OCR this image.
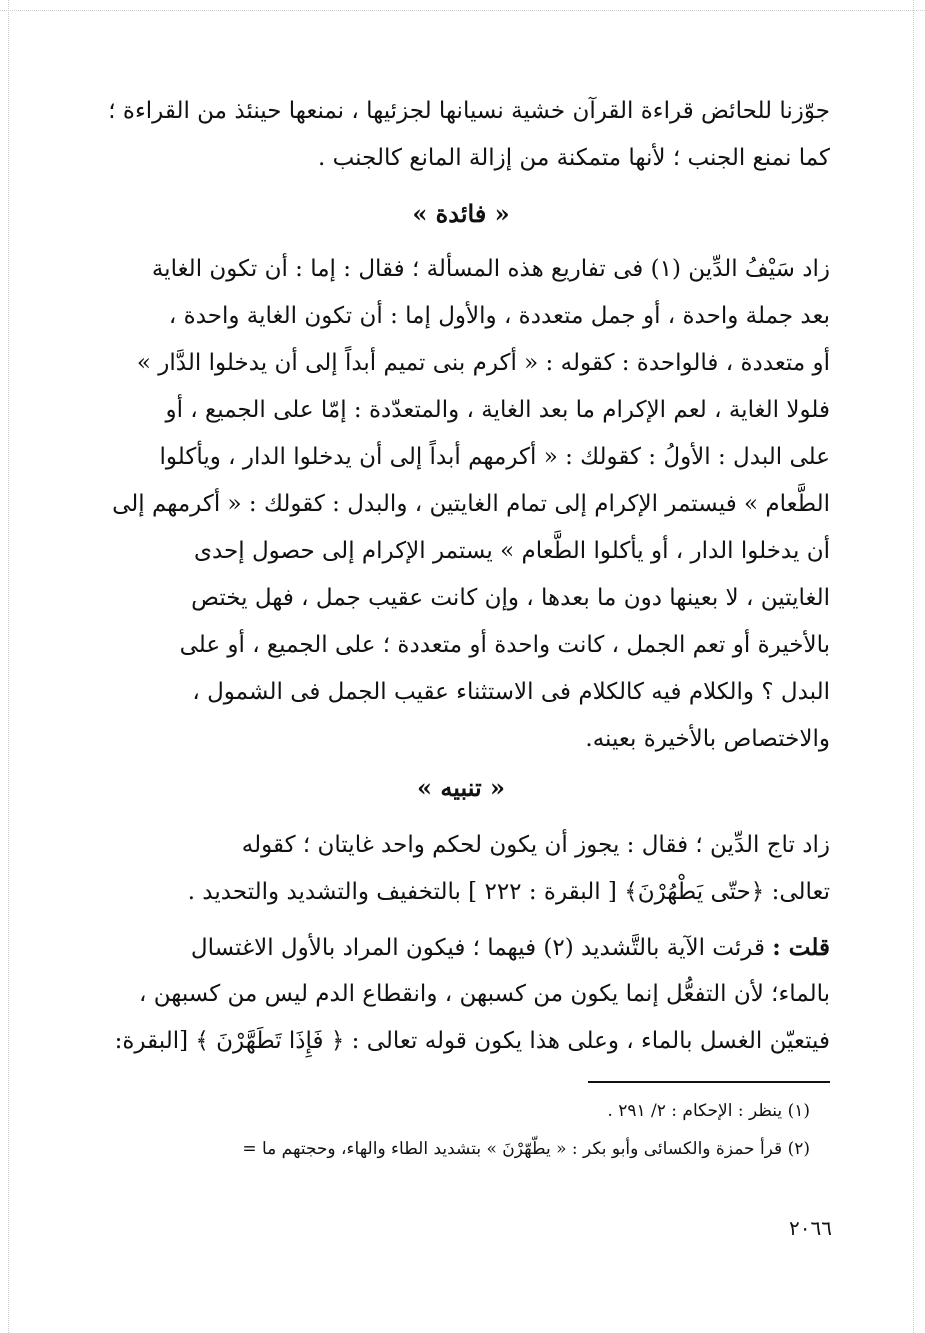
جوّزنا للحائض قراءة القرآن خشية نسيانها لجزئيها ، نمنعها حينئذ من القراءة ؛
كما نمنع الجنب ؛ لأنها متمكنة من إزالة المانع كالجنب .
« فائدة »
زاد سَيْفُ الدِّين (١) فى تفاريع هذه المسألة ؛ فقال : إما : أن تكون الغاية
بعد جملة واحدة ، أو جمل متعددة ، والأول إما : أن تكون الغاية واحدة ،
أو متعددة ، فالواحدة : كقوله : « أكرم بنى تميم أبداً إلى أن يدخلوا الدَّار »
فلولا الغاية ، لعم الإكرام ما بعد الغاية ، والمتعدّدة : إمّا على الجميع ، أو
على البدل : الأولُ : كقولك : « أكرمهم أبداً إلى أن يدخلوا الدار ، ويأكلوا
الطَّعام » فيستمر الإكرام إلى تمام الغايتين ، والبدل : كقولك : « أكرمهم إلى
أن يدخلوا الدار ، أو يأكلوا الطَّعام » يستمر الإكرام إلى حصول إحدى
الغايتين ، لا بعينها دون ما بعدها ، وإن كانت عقيب جمل ، فهل يختص
بالأخيرة أو تعم الجمل ، كانت واحدة أو متعددة ؛ على الجميع ، أو على
البدل ؟ والكلام فيه كالكلام فى الاستثناء عقيب الجمل فى الشمول ،
والاختصاص بالأخيرة بعينه.
« تنبيه »
زاد تاج الدِّين ؛ فقال : يجوز أن يكون لحكم واحد غايتان ؛ كقوله
تعالى: ﴿حتّى يَطْهُرْنَ﴾ [ البقرة : ٢٢٢ ] بالتخفيف والتشديد والتحديد .
قلت : قرئت الآية بالتَّشديد (٢) فيهما ؛ فيكون المراد بالأول الاغتسال
بالماء؛ لأن التفعُّل إنما يكون من كسبهن ، وانقطاع الدم ليس من كسبهن ،
فيتعيّن الغسل بالماء ، وعلى هذا يكون قوله تعالى : ﴿ فَإِذَا تَطَهَّرْنَ ﴾ [البقرة:
(١) ينظر : الإحكام : ٢/ ٢٩١ .
(٢) قرأ حمزة والكسائى وأبو بكر : « يطّهّرْنَ » بتشديد الطاء والهاء، وحجتهم ما =
٢٠٦٦
